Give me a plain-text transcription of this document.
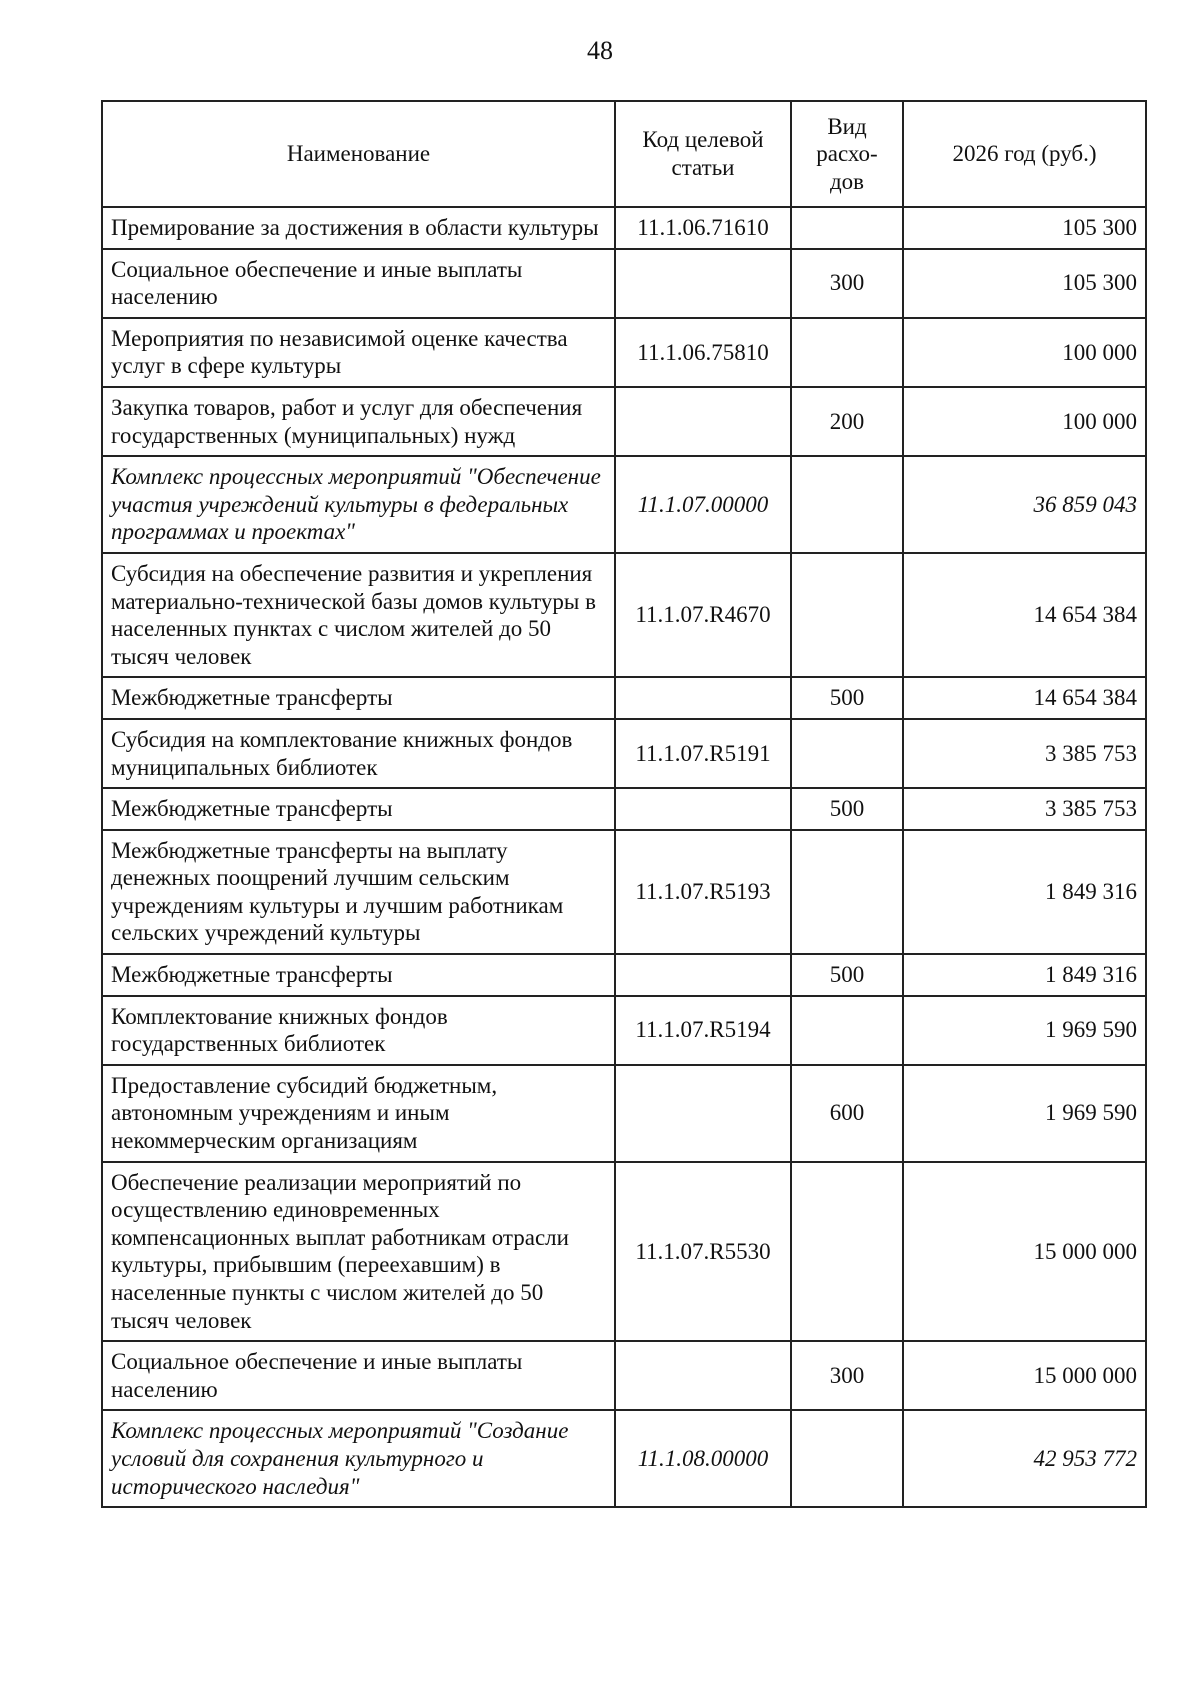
48
Наименование	Код целевой статьи	Вид расхо-дов	2026 год (руб.)
Премирование за достижения в области культуры	11.1.06.71610		105 300
Социальное обеспечение и иные выплаты населению		300	105 300
Мероприятия по независимой оценке качества услуг в сфере культуры	11.1.06.75810		100 000
Закупка товаров, работ и услуг для обеспечения государственных (муниципальных) нужд		200	100 000
Комплекс процессных мероприятий "Обеспечение участия учреждений культуры в федеральных программах и проектах"	11.1.07.00000		36 859 043
Субсидия на обеспечение развития и укрепления материально-технической базы домов культуры в населенных пунктах с числом жителей до 50 тысяч человек	11.1.07.R4670		14 654 384
Межбюджетные трансферты		500	14 654 384
Субсидия на комплектование книжных фондов муниципальных библиотек	11.1.07.R5191		3 385 753
Межбюджетные трансферты		500	3 385 753
Межбюджетные трансферты на выплату денежных поощрений лучшим сельским учреждениям культуры и лучшим работникам сельских учреждений культуры	11.1.07.R5193		1 849 316
Межбюджетные трансферты		500	1 849 316
Комплектование книжных фондов государственных библиотек	11.1.07.R5194		1 969 590
Предоставление субсидий бюджетным, автономным учреждениям и иным некоммерческим организациям		600	1 969 590
Обеспечение реализации мероприятий по осуществлению единовременных компенсационных выплат работникам отрасли культуры, прибывшим (переехавшим) в населенные пункты с числом жителей до 50 тысяч человек	11.1.07.R5530		15 000 000
Социальное обеспечение и иные выплаты населению		300	15 000 000
Комплекс процессных мероприятий "Создание условий для сохранения культурного и исторического наследия"	11.1.08.00000		42 953 772
